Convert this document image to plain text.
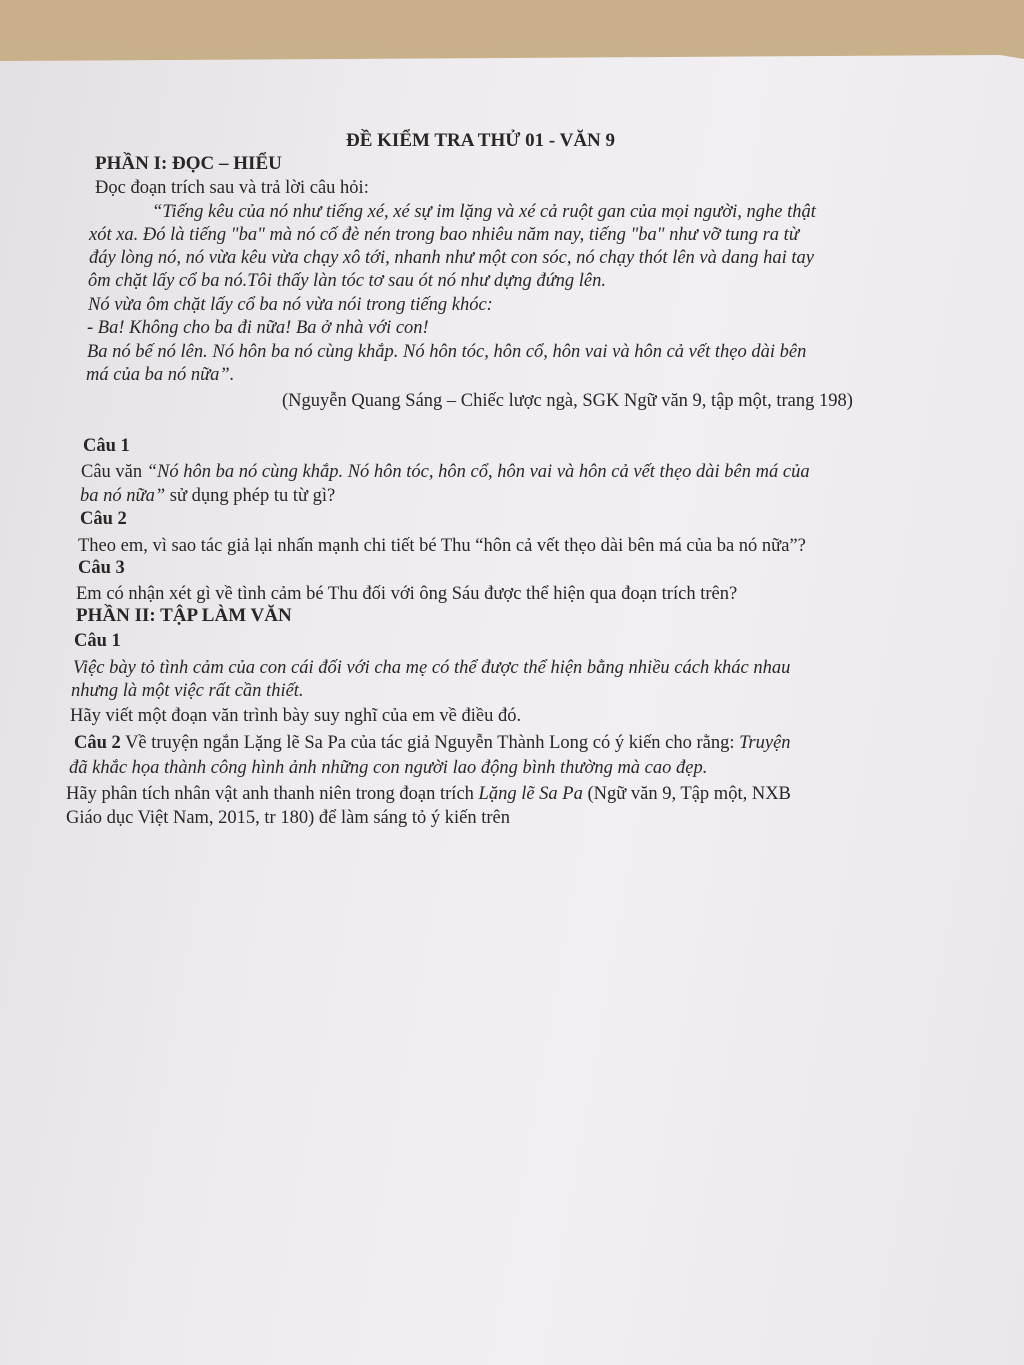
ĐỀ KIỂM TRA THỬ 01 - VĂN 9
PHẦN I: ĐỌC – HIỂU
Đọc đoạn trích sau và trả lời câu hỏi:
“Tiếng kêu của nó như tiếng xé, xé sự im lặng và xé cả ruột gan của mọi người, nghe thật
xót xa. Đó là tiếng "ba" mà nó cố đè nén trong bao nhiêu năm nay, tiếng "ba" như vỡ tung ra từ
đáy lòng nó, nó vừa kêu vừa chạy xô tới, nhanh như một con sóc, nó chạy thót lên và dang hai tay
ôm chặt lấy cổ ba nó.Tôi thấy làn tóc tơ sau ót nó như dựng đứng lên.
Nó vừa ôm chặt lấy cổ ba nó vừa nói trong tiếng khóc:
- Ba! Không cho ba đi nữa! Ba ở nhà với con!
Ba nó bế nó lên. Nó hôn ba nó cùng khắp. Nó hôn tóc, hôn cổ, hôn vai và hôn cả vết thẹo dài bên
má của ba nó nữa”.
(Nguyễn Quang Sáng – Chiếc lược ngà, SGK Ngữ văn 9, tập một, trang 198)
Câu 1
Câu văn “Nó hôn ba nó cùng khắp. Nó hôn tóc, hôn cổ, hôn vai và hôn cả vết thẹo dài bên má của
ba nó nữa” sử dụng phép tu từ gì?
Câu 2
Theo em, vì sao tác giả lại nhấn mạnh chi tiết bé Thu “hôn cả vết thẹo dài bên má của ba nó nữa”?
Câu 3
Em có nhận xét gì về tình cảm bé Thu đối với ông Sáu được thể hiện qua đoạn trích trên?
PHẦN II: TẬP LÀM VĂN
Câu 1
Việc bày tỏ tình cảm của con cái đối với cha mẹ có thể được thể hiện bằng nhiều cách khác nhau
nhưng là một việc rất cần thiết.
Hãy viết một đoạn văn trình bày suy nghĩ của em về điều đó.
Câu 2 Về truyện ngắn Lặng lẽ Sa Pa của tác giả Nguyễn Thành Long có ý kiến cho rằng: Truyện
đã khắc họa thành công hình ảnh những con người lao động bình thường mà cao đẹp.
Hãy phân tích nhân vật anh thanh niên trong đoạn trích Lặng lẽ Sa Pa (Ngữ văn 9, Tập một, NXB
Giáo dục Việt Nam, 2015, tr 180) để làm sáng tỏ ý kiến trên
